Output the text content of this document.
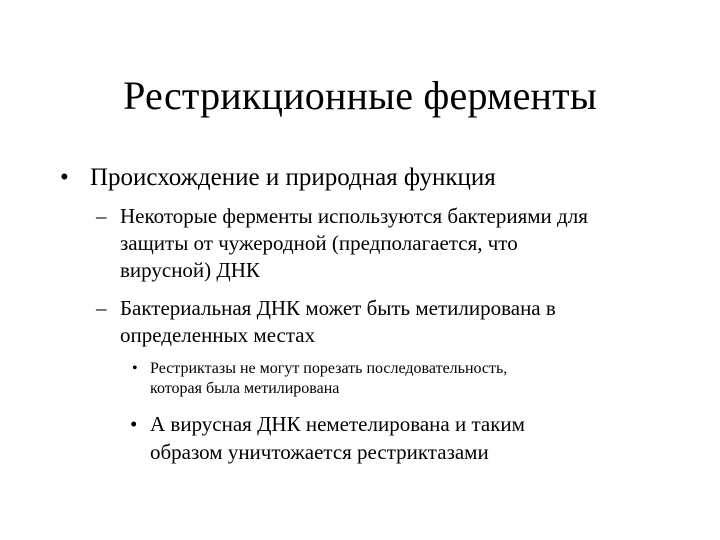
Рестрикционные ферменты
• Происхождение и природная функция
– Некоторые ферменты используются бактериями для
защиты от чужеродной (предполагается, что
вирусной) ДНК
– Бактериальная ДНК может быть метилирована в
определенных местах
• Рестриктазы не могут порезать последовательность,
которая была метилирована
• А вирусная ДНК неметелирована и таким
образом уничтожается рестриктазами
